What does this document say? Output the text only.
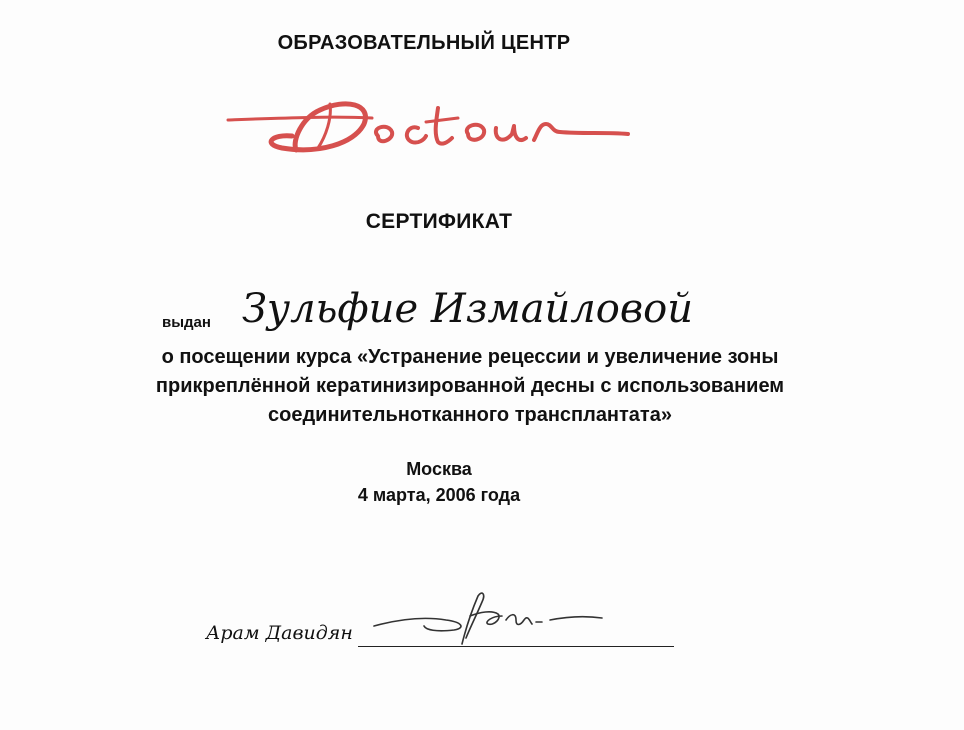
ОБРАЗОВАТЕЛЬНЫЙ ЦЕНТР
Doctour
СЕРТИФИКАТ
выдан Зульфие Измайловой
о посещении курса «Устранение рецессии и увеличение зоны
прикреплённой кератинизированной десны с использованием
соединительнотканного трансплантата»
Москва
4 марта, 2006 года
Арам Давидян
